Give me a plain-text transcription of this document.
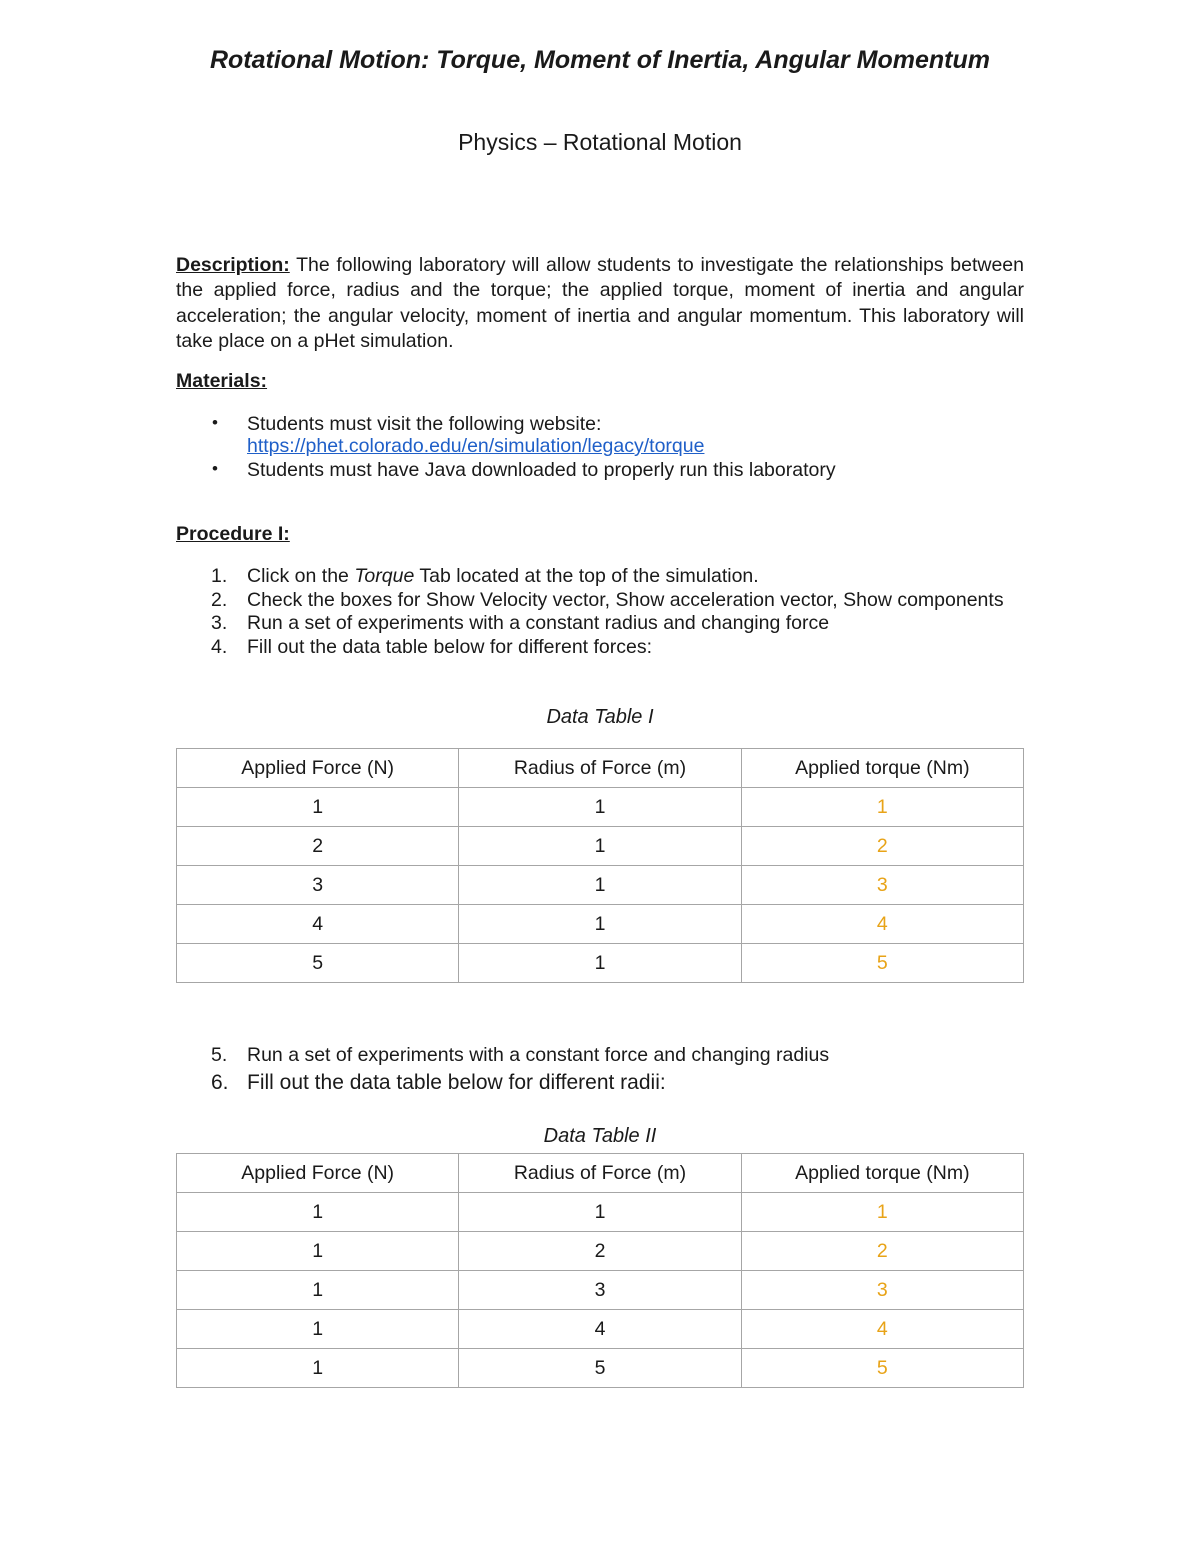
Rotational Motion: Torque, Moment of Inertia, Angular Momentum
Physics – Rotational Motion
Description: The following laboratory will allow students to investigate the relationships between the applied force, radius and the torque; the applied torque, moment of inertia and angular acceleration; the angular velocity, moment of inertia and angular momentum. This laboratory will take place on a pHet simulation.
Materials:
• Students must visit the following website:
https://phet.colorado.edu/en/simulation/legacy/torque
• Students must have Java downloaded to properly run this laboratory
Procedure I:
1. Click on the Torque Tab located at the top of the simulation.
2. Check the boxes for Show Velocity vector, Show acceleration vector, Show components
3. Run a set of experiments with a constant radius and changing force
4. Fill out the data table below for different forces:
Data Table I
Applied Force (N)	Radius of Force (m)	Applied torque (Nm)
1	1	1
2	1	2
3	1	3
4	1	4
5	1	5
5. Run a set of experiments with a constant force and changing radius
6. Fill out the data table below for different radii:
Data Table II
Applied Force (N)	Radius of Force (m)	Applied torque (Nm)
1	1	1
1	2	2
1	3	3
1	4	4
1	5	5
